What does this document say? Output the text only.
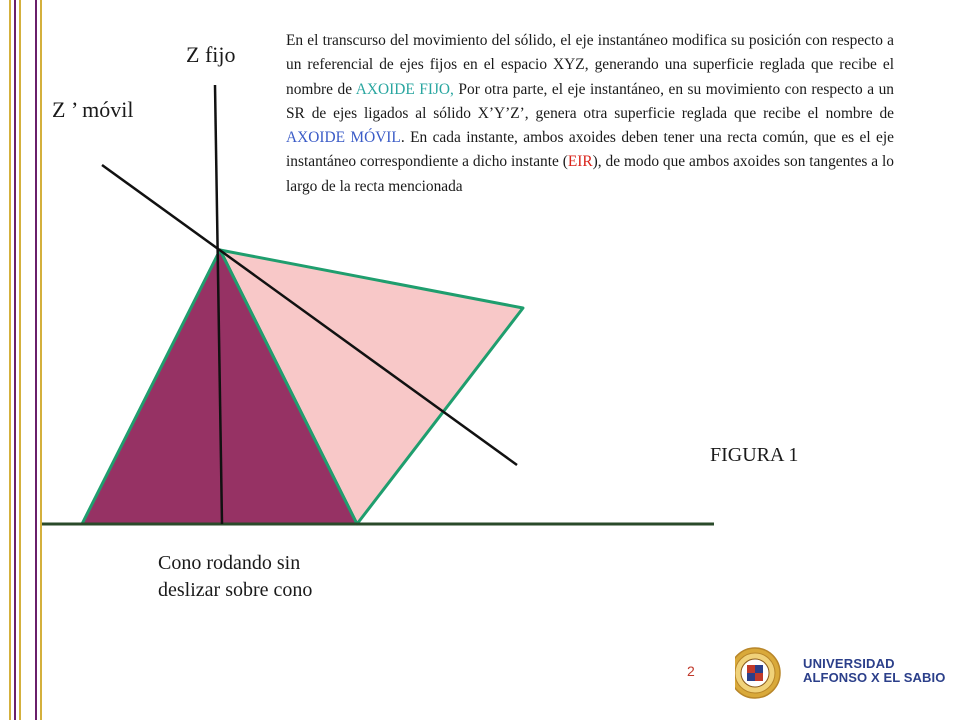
Z fijo
Z ’ móvil
FIGURA 1
Cono rodando sin
deslizar sobre cono
En el transcurso del movimiento del sólido, el eje instantáneo modifica su posición con respecto a un referencial de ejes fijos en el espacio XYZ, generando una superficie reglada que recibe el nombre de AXOIDE FIJO, Por otra parte, el eje instantáneo, en su movimiento con respecto a un SR de ejes ligados al sólido X’Y’Z’, genera otra superficie reglada que recibe el nombre de AXOIDE MÓVIL. En cada instante, ambos axoides deben tener una recta común, que es el eje instantáneo correspondiente a dicho instante (EIR), de modo que ambos axoides son tangentes a lo largo de la recta mencionada
2	UNIVERSIDAD
ALFONSO X EL SABIO
